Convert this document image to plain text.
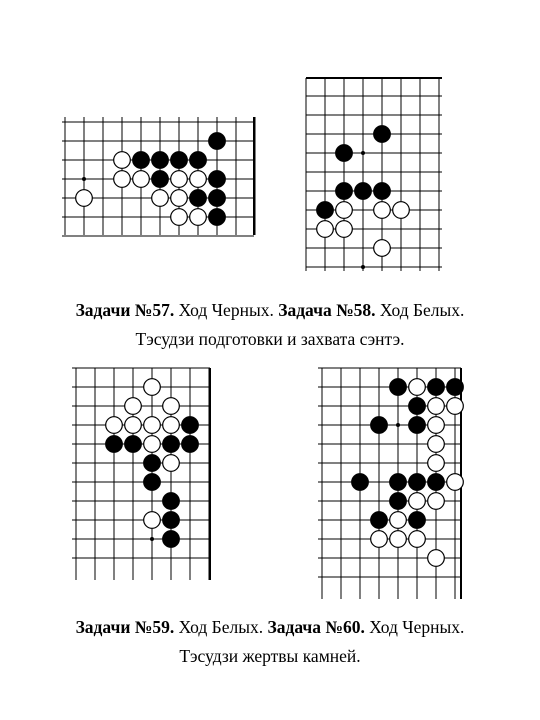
Задачи №57. Ход Черных. Задача №58. Ход Белых.

Тэсудзи подготовки и захвата сэнтэ.

Задачи №59. Ход Белых. Задача №60. Ход Черных.

Тэсудзи жертвы камней.
